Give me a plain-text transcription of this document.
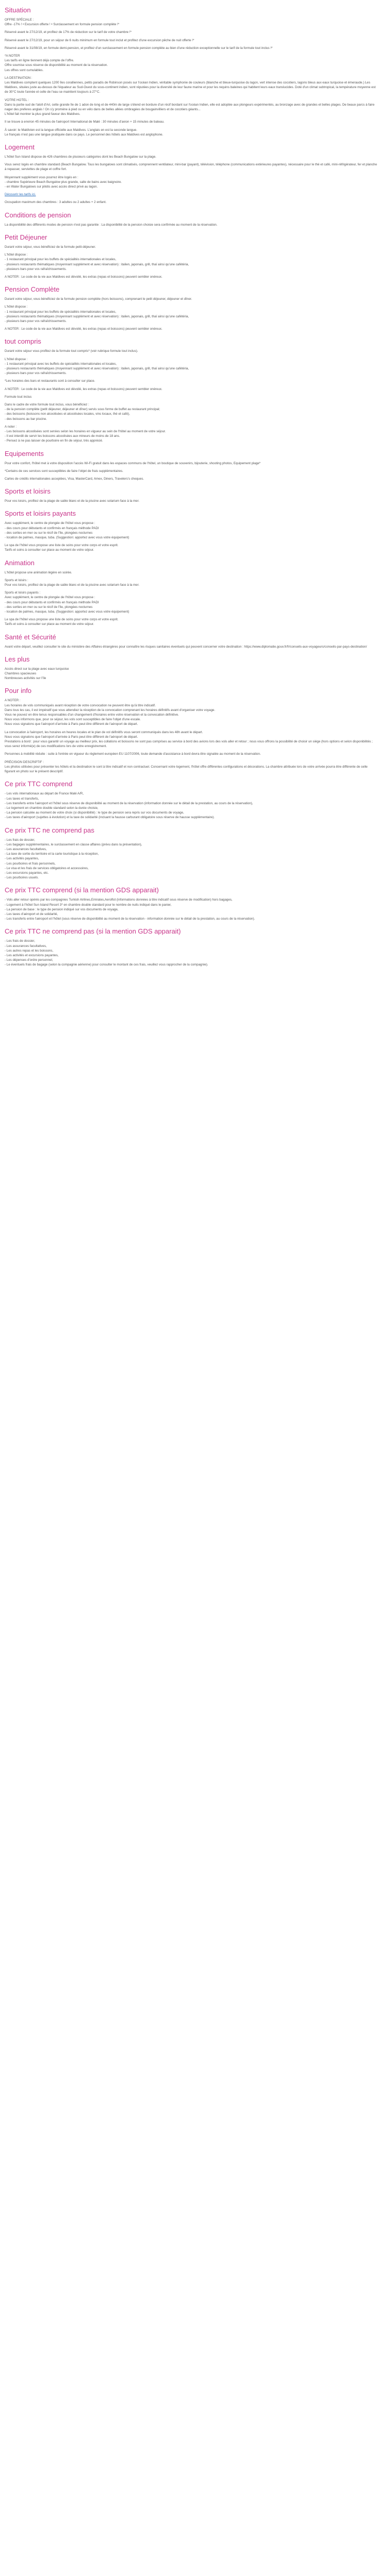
Situation
OFFRE SPÉCIALE :
Offre -17% ! • Excursion offerte ! • Surclassement en formule pension complète !*
Réservé avant le 27/12/19, et profitez de 17% de réduction sur le tarif de votre chambre !*
Réservé avant le 27/12/19, pour un séjour de 6 nuits minimum en formule tout inclut et profitez d'une excursion pêche de nuit offerte !*
Réservé avant le 31/08/19, en formule demi-pension, et profitez d'un surclassement en formule pension complète au bien d'une réduction exceptionnelle sur le tarif de la formule tout inclus !*
*A NOTER
Les tarifs en ligne tiennent déjà compte de l'offre.
Offre soumise sous réserve de disponibilité au moment de la réservation.
Les offres sont cumulables.
LA DESTINATION :
Les Maldives comptent quelques 1200 îles coralliennes, petits paradis de Robinson posés sur l'océan Indien, véritable symphonie de couleurs (blanche et bleue-turquoise du lagon, vert intense des cocotiers, lagons bleus aux eaux turquoise et émeraude.) Les Maldives, situées juste au-dessus de l'équateur au Sud-Ouest du sous-continent indien, sont réputées pour la diversité de leur faune marine et pour les requins baleines qui habitent leurs eaux translucides. Doté d'un climat subtropical, la température moyenne est de 30°C toute l'année et celle de l'eau se maintient toujours à 27°C.
VOTRE HOTEL :
Dans la partie sud de l'atoll d'Ari, cette grande île de 1 adon de long et de 440m de large s'étend en bordure d'un récif bordant sur l'océan Indien, elle est adoptée aux plongeurs expérimentés, au bronzage avec de grandes et belles plages. De beaux parcs à faire nager des preferes anglais ! On s'y promène à pied ou en vélo dans de belles allées ombragées de bougainvilliers et de cocotiers géants...
L'hôtel fait montrer la plus grand faveur des Maldives.
Il se trouve à environ 45 minutes de l'aéroport International de Malé : 30 minutes d'avion + 15 minutes de bateau.
À savoir: le Maldivien est la langue officielle aux Maldives. L'anglais en est la seconde langue.
Le français n'est pas une langue pratiquée dans ce pays. Le personnel des hôtels aux Maldives est anglophone.
Logement
L'hôtel Sun Island dispose de 426 chambres de plusieurs catégories dont les Beach Bungalow sur la plage.
Vous serez logés en chambre standard (Beach Bungalow. Tous les bungalows sont climatisés, comprennent ventilateur, mini-bar (payant), télévision, téléphone (communications extérieures payantes), nécessaire pour le thé et café, mini-réfrigérateur, fer et planche à repasser, serviettes de plage et coffre fort.
Moyennant supplément vous pourrez être logés en :
- chambre Supérieure Beach Bungalow plus grande, salle de bains avec baignoire.
- en Water Bungalows sur pilotis avec accès direct privé au lagon.
Découvrir les tarifs ici.
Occupation maximum des chambres : 3 adultes ou 2 adultes + 2 enfant.
Conditions de pension
La disponibilité des différents modes de pension n'est pas garantie : La disponibilité de la pension choisie sera confirmée au moment de la réservation.
Petit Déjeuner
Durant votre séjour, vous bénéficiez de la formule petit-déjeuner.
L'hôtel dispose :
- 1 restaurant principal pour les buffets de spécialités internationales et locales,
- plusieurs restaurants thématiques (moyennant supplément et avec réservation) : italien, japonais, grill, thaï ainsi qu'une cafétéria,
- plusieurs bars pour vos rafraîchissements.
A NOTER : Le code de la vie aux Maldives est dévoilé, les extras (repas et boissons) peuvent sembler onéreux.
Pension Complète
Durant votre séjour, vous bénéficiez de la formule pension complète (hors boissons), comprenant le petit déjeuner, déjeuner et dîner.
L'hôtel dispose :
- 1 restaurant principal pour les buffets de spécialités internationales et locales,
- plusieurs restaurants thématiques (moyennant supplément et avec réservation) : italien, japonais, grill, thaï ainsi qu'une cafétéria,
- plusieurs bars pour vos rafraîchissements.
A NOTER : Le code de la vie aux Maldives est dévoilé, les extras (repas et boissons) peuvent sembler onéreux.
tout compris
Durant votre séjour vous profitez de la formule tout compris* (voir rubrique formule tout inclus).
L'hôtel dispose :
- 1 restaurant principal avec les buffets de spécialités internationales et locales,
- plusieurs restaurants thématiques (moyennant supplément et avec réservation) : italien, japonais, grill, thaï ainsi qu'une cafétéria,
- plusieurs bars pour vos rafraîchissements.
*Les horaires des bars et restaurants sont à consulter sur place.
A NOTER : Le code de la vie aux Maldives est dévoilé, les extras (repas et boissons) peuvent sembler onéreux.
Formule tout inclus
Dans le cadre de votre formule tout inclus, vous bénéficiez :
- de la pension complète (petit déjeuner, déjeuner et dîner) servis sous forme de buffet au restaurant principal;
- des boissons (boissons non alcoolisées et alcoolisées locales, vins locaux, thé et café),
- des boissons au bar piscine.
A noter :
- Les boissons alcoolisées sont servies selon les horaires en vigueur au sein de l'hôtel au moment de votre séjour.
- Il est interdit de servir les boissons alcoolisées aux mineurs de moins de 18 ans.
- Pensez à ne pas laisser de pourboire en fin de séjour, très apprécié.
Equipements
Pour votre confort, l'hôtel met à votre disposition l'accès Wi-Fi gratuit dans les espaces communs de l'hôtel, un boutique de souvenirs, bijouterie, shooting photos, Equipement plage*
*Certains de ces services sont susceptibles de faire l'objet de frais supplémentaires.
Cartes de crédits internationales acceptées, Visa, MasterCard, Amex, Diners, Travelers's cheques.
Sports et loisirs
Pour vos loisirs, profitez de la plage de sable blanc et de la piscine avec solarium face à la mer.
Sports et loisirs payants
Avec supplément, le centre de plongée de l'hôtel vous propose :
- des cours pour débutants et confirmés en français méthode PADI
- des sorties en mer ou sur le récif de l'île, plongées nocturnes
- location de palmes, masque, tuba. (Suggestion: apportez avec vous votre équipement)
Le spa de l'hôtel vous propose une liste de soins pour votre corps et votre esprit.
Tarifs et soins à consulter sur place au moment de votre séjour.
Animation
L'hôtel propose une animation légère en soirée.
Sports et loisirs :
Pour vos loisirs, profitez de la plage de sable blanc et de la piscine avec solarium face à la mer.
Sports et loisirs payants :
Avec supplément, le centre de plongée de l'hôtel vous propose :
- des cours pour débutants et confirmés en français méthode PADI
- des sorties en mer ou sur le récif de l'île, plongées nocturnes
- location de palmes, masque, tuba. (Suggestion: apportez avec vous votre équipement)
Le spa de l'hôtel vous propose une liste de soins pour votre corps et votre esprit.
Tarifs et soins à consulter sur place au moment de votre séjour.
Santé et Sécurité
Avant votre départ, veuillez consulter le site du ministère des Affaires étrangères pour connaître les risques sanitaires éventuels qui peuvent concerner votre destination : https://www.diplomatie.gouv.fr/fr/conseils-aux-voyageurs/conseils-par-pays-destination/
Les plus
Accès direct sur la plage avec eaux turquoise
Chambres spacieuses
Nombreuses activités sur l'île
Pour info
A NOTER :
Les horaires de vols communiqués avant réception de votre convocation ne peuvent être qu'à titre indicatif.
Dans tous les cas, il est impératif que vous attendiez la réception de la convocation comprenant les horaires définitifs avant d'organiser votre voyage.
Vous ne pouvez en être tenus responsables d'un changement d'horaires entre votre réservation et la convocation définitive.
Nous vous informons que, pour ce séjour, les vols sont susceptibles de faire l'objet d'une escale.
Nous vous signalons que l'aéroport d'arrivée à Paris peut être différent de l'aéroport de départ.
La convocation à l'aéroport, les horaires en heures locales et le plan de vol définitifs vous seront communiqués dans les 48h avant le départ.
Nous vous signalons que l'aéroport d'arrivée à Paris peut être différent de l'aéroport de départ.
Prestations à bord : pour vous garantir un voyage au meilleur prix, les collations et boissons ne sont pas comprises au service à bord des avions lors des vols aller et retour ; nous vous offrons la possibilité de choisir un siège (hors options et selon disponibilités ; vous serez informé(e) de ces modifications lors de votre enregistrement.
Personnes à mobilité réduite : suite à l'entrée en vigueur du règlement européen EU 1107/2006, toute demande d'assistance à bord devra être signalée au moment de la réservation.
PRÉCISION DESCRIPTIF :
Les photos utilisées pour présenter les hôtels et la destination le sont à titre indicatif et non contractuel. Concernant votre logement, l'hôtel offre différentes configurations et décorations. La chambre attribuée lors de votre arrivée pourra être différente de celle figurant en photo sur le présent descriptif.
Ce prix TTC comprend
- Les vols internationaux au départ de France Malé A/R,
- Les taxes et transferts,
- Les transferts entre l'aéroport et l'hôtel sous réserve de disponibilité au moment de la réservation (information donnée sur le détail de la prestation, au cours de la réservation),
- Le logement en chambre double standard selon la durée choisie,
- La pension calculée au moment de votre choix (si disponibilité) : le type de pension sera repris sur vos documents de voyage,
- Les taxes d'aéroport (sujettes à évolution) et la taxe de solidarité (incluant la hausse carburant obligatoire sous réserve de hausse supplémentaire).
Ce prix TTC ne comprend pas
- Les frais de dossier,
- Les bagages supplémentaires, le surclassement en classe affaires (prévu dans la présentation),
- Les assurances facultatives,
- La taxe de sortie du territoire et la carte touristique à la réception,
- Les activités payantes,
- Les pourboires et frais personnels,
- Le visa et les frais de services obligatoires et accessoires,
- Les excursions payantes, etc.
- Les pourboires usuels.
Ce prix TTC comprend (si la mention GDS apparait)
- Vols aller retour opérés par les compagnies Turkish Airlines,Emirates,Aeroflot (informations données à titre indicatif sous réserve de modification) hors bagages,
- Logement à l'hôtel Sun Island Resort 3* en chambre double standard pour le nombre de nuits indiqué dans le panier,
- La pension de base : le type de pension indiqué sur vos documents de voyage,
- Les taxes d'aéroport et de solidarité,
- Les transferts entre l'aéroport et l'hôtel (sous réserve de disponibilité au moment de la réservation - information donnée sur le détail de la prestation, au cours de la réservation).
Ce prix TTC ne comprend pas (si la mention GDS apparait)
- Les frais de dossier,
- Les assurances facultatives,
- Les autres repas et les boissons,
- Les activités et excursions payantes,
- Les dépenses d'ordre personnel,
- Le éventuels frais de bagage (selon la compagnie aérienne) pour consulter le montant de ces frais, veuillez vous rapprocher de la compagnie).
